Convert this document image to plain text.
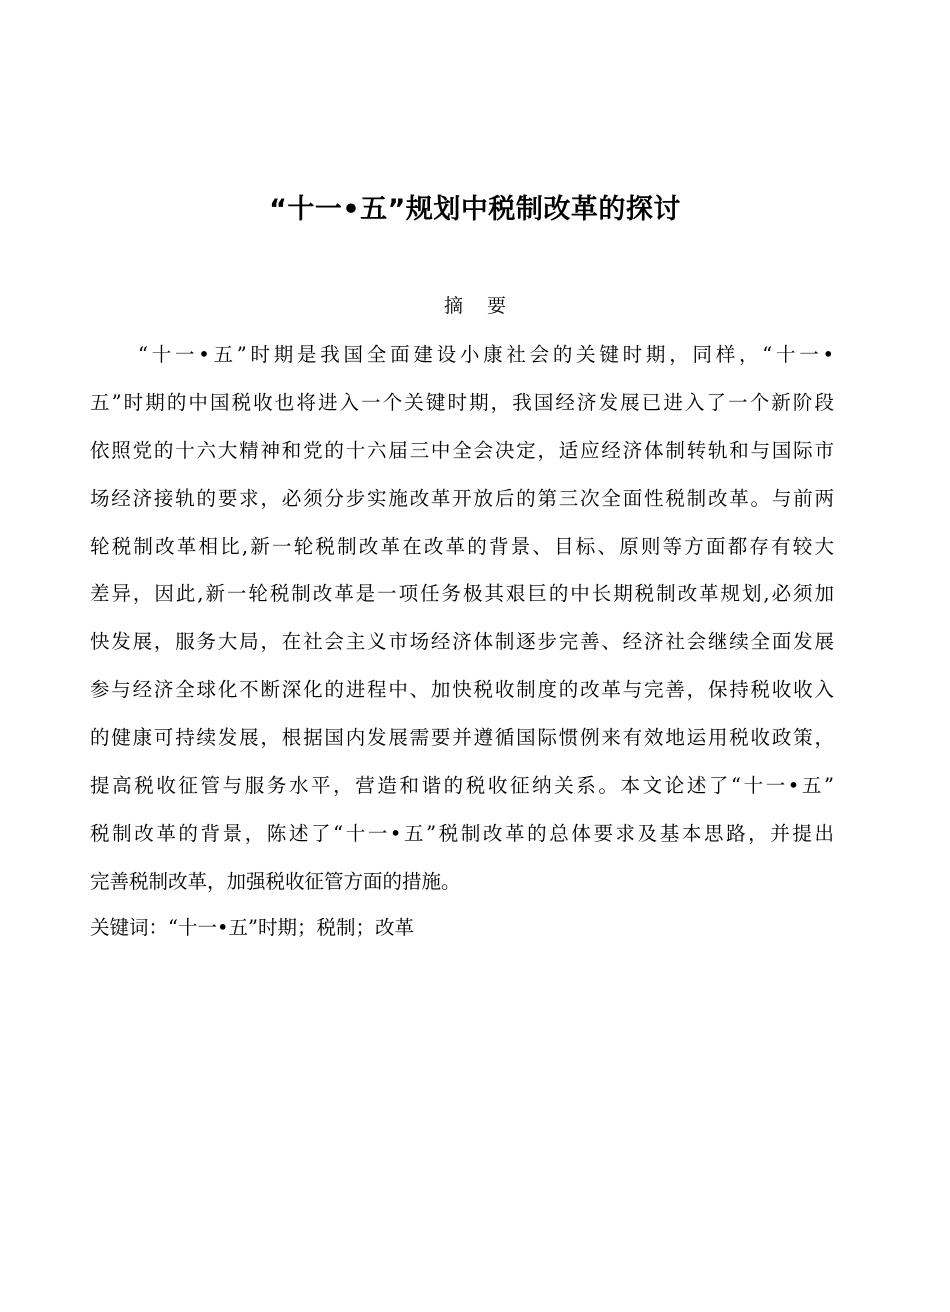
“十一•五”规划中税制改革的探讨
摘 要
“十一•五”时期是我国全面建设小康社会的关键时期，同样，“十一•
五”时期的中国税收也将进入一个关键时期，我国经济发展已进入了一个新阶段
依照党的十六大精神和党的十六届三中全会决定，适应经济体制转轨和与国际市
场经济接轨的要求，必须分步实施改革开放后的第三次全面性税制改革。与前两
轮税制改革相比,新一轮税制改革在改革的背景、目标、原则等方面都存有较大
差异，因此,新一轮税制改革是一项任务极其艰巨的中长期税制改革规划,必须加
快发展，服务大局，在社会主义市场经济体制逐步完善、经济社会继续全面发展
参与经济全球化不断深化的进程中、加快税收制度的改革与完善，保持税收收入
的健康可持续发展，根据国内发展需要并遵循国际惯例来有效地运用税收政策，
提高税收征管与服务水平，营造和谐的税收征纳关系。本文论述了“十一•五”
税制改革的背景，陈述了“十一•五”税制改革的总体要求及基本思路，并提出
完善税制改革，加强税收征管方面的措施。
关键词：“十一•五”时期；税制；改革
